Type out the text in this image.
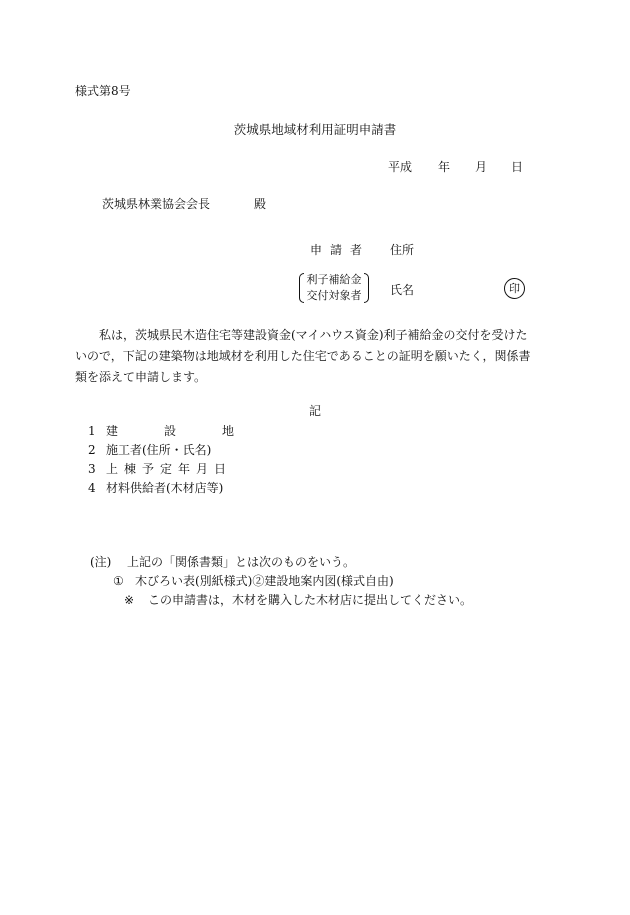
様式第8号
茨城県地域材利用証明申請書
平成 年 月 日
茨城県林業協会会長	殿
申請者 住所
利子補給金
交付対象者	氏名	印
私は，茨城県民木造住宅等建設資金(マイハウス資金)利子補給金の交付を受けたいので，下記の建築物は地域材を利用した住宅であることの証明を願いたく，関係書類を添えて申請します。
記
1 建設地
2 施工者(住所・氏名)
3 上棟予定年月日
4 材料供給者(木材店等)
(注) 上記の「関係書類」とは次のものをいう。
① 木びろい表(別紙様式)②建設地案内図(様式自由)
※ この申請書は，木材を購入した木材店に提出してください。
